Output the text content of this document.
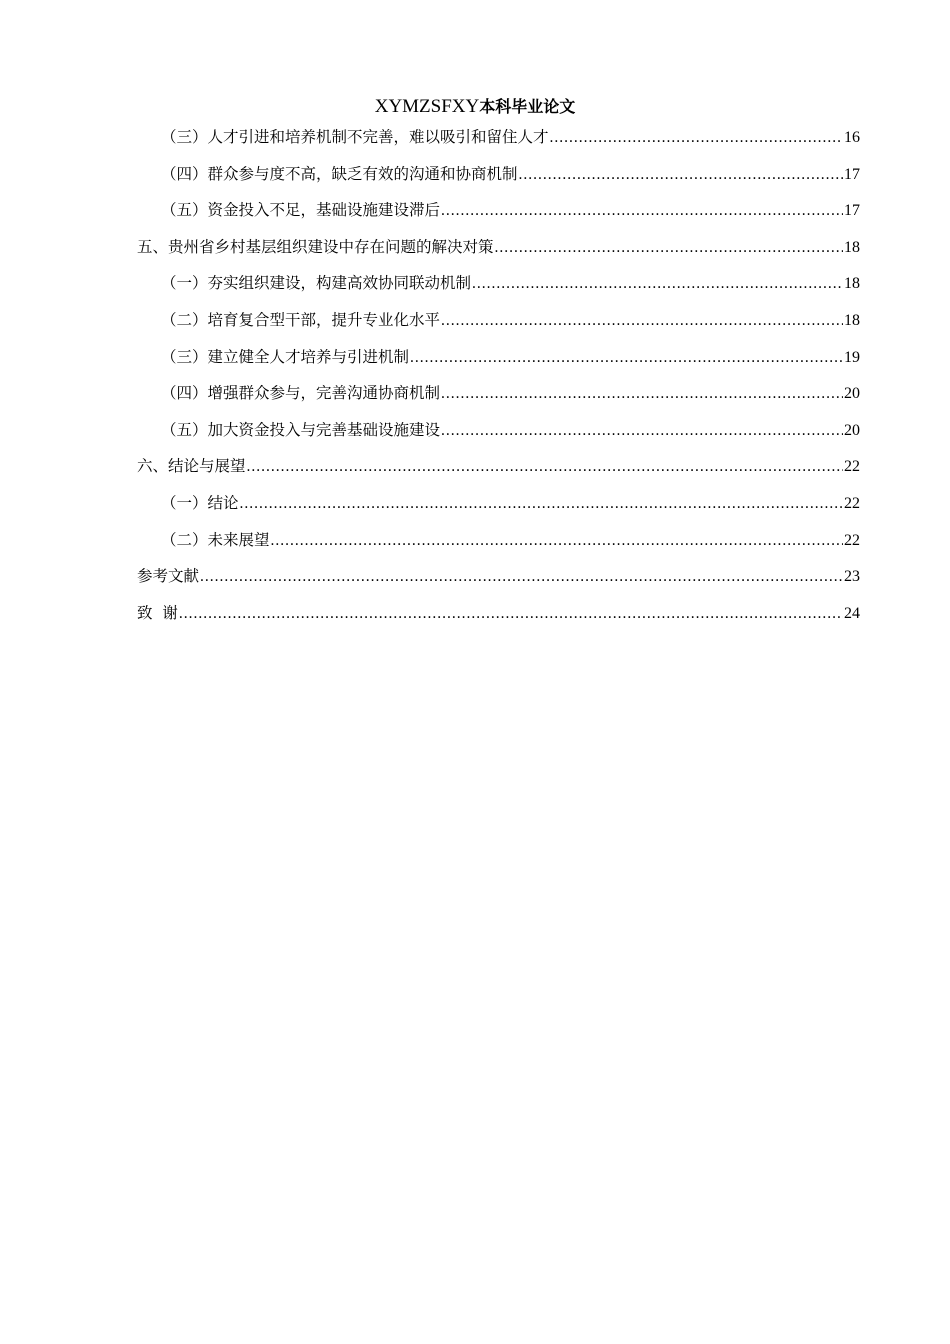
XYMZSFXY本科毕业论文
（三）人才引进和培养机制不完善，难以吸引和留住人才 .....	16
（四）群众参与度不高，缺乏有效的沟通和协商机制 .....	17
（五）资金投入不足，基础设施建设滞后 .....	17
五、贵州省乡村基层组织建设中存在问题的解决对策 .....	18
（一）夯实组织建设，构建高效协同联动机制 .....	18
（二）培育复合型干部，提升专业化水平 .....	18
（三）建立健全人才培养与引进机制 .....	19
（四）增强群众参与，完善沟通协商机制 .....	20
（五）加大资金投入与完善基础设施建设 .....	20
六、结论与展望 .....	22
（一）结论 .....	22
（二）未来展望 .....	22
参考文献 .....	23
致  谢 .....	24
